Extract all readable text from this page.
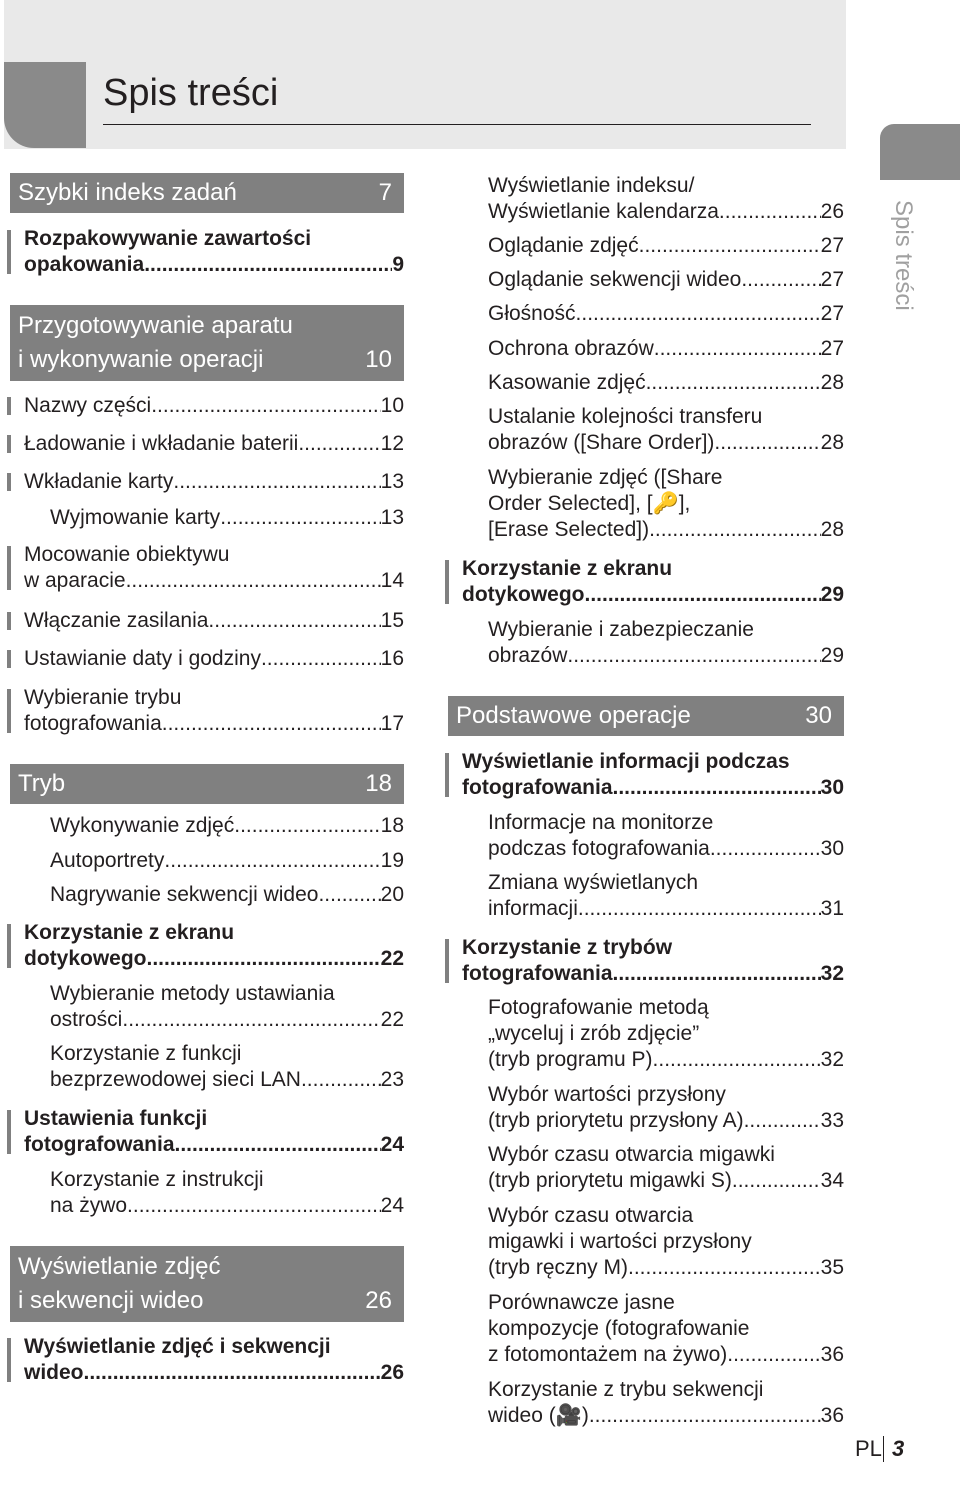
Spis treści
Spis treści
Szybki indeks zadań	7
Rozpakowywanie zawartości
opakowania .....	9
Przygotowywanie aparatu
i wykonywanie operacji	10
Nazwy części .....	10
Ładowanie i wkładanie baterii .....	12
Wkładanie karty .....	13
Wyjmowanie karty .....	13
Mocowanie obiektywu
w aparacie .....	14
Włączanie zasilania .....	15
Ustawianie daty i godziny .....	16
Wybieranie trybu
fotografowania .....	17
Tryb	18
Wykonywanie zdjęć .....	18
Autoportrety .....	19
Nagrywanie sekwencji wideo .....	20
Korzystanie z ekranu
dotykowego .....	22
Wybieranie metody ustawiania
ostrości .....	22
Korzystanie z funkcji
bezprzewodowej sieci LAN .....	23
Ustawienia funkcji
fotografowania .....	24
Korzystanie z instrukcji
na żywo .....	24
Wyświetlanie zdjęć
i sekwencji wideo	26
Wyświetlanie zdjęć i sekwencji
wideo .....	26
Wyświetlanie indeksu/
Wyświetlanie kalendarza .....	26
Oglądanie zdjęć .....	27
Oglądanie sekwencji wideo .....	27
Głośność .....	27
Ochrona obrazów .....	27
Kasowanie zdjęć .....	28
Ustalanie kolejności transferu
obrazów ([Share Order]) .....	28
Wybieranie zdjęć ([Share
Order Selected], [🔑],
[Erase Selected]) .....	28
Korzystanie z ekranu
dotykowego .....	29
Wybieranie i zabezpieczanie
obrazów .....	29
Podstawowe operacje	30
Wyświetlanie informacji podczas
fotografowania .....	30
Informacje na monitorze
podczas fotografowania .....	30
Zmiana wyświetlanych
informacji .....	31
Korzystanie z trybów
fotografowania .....	32
Fotografowanie metodą
„wyceluj i zrób zdjęcie”
(tryb programu P) .....	32
Wybór wartości przysłony
(tryb priorytetu przysłony A) .....	33
Wybór czasu otwarcia migawki
(tryb priorytetu migawki S) .....	34
Wybór czasu otwarcia
migawki i wartości przysłony
(tryb ręczny M) .....	35
Porównawcze jasne
kompozycje (fotografowanie
z fotomontażem na żywo) .....	36
Korzystanie z trybu sekwencji
wideo (🎥) .....	36
PL 3
